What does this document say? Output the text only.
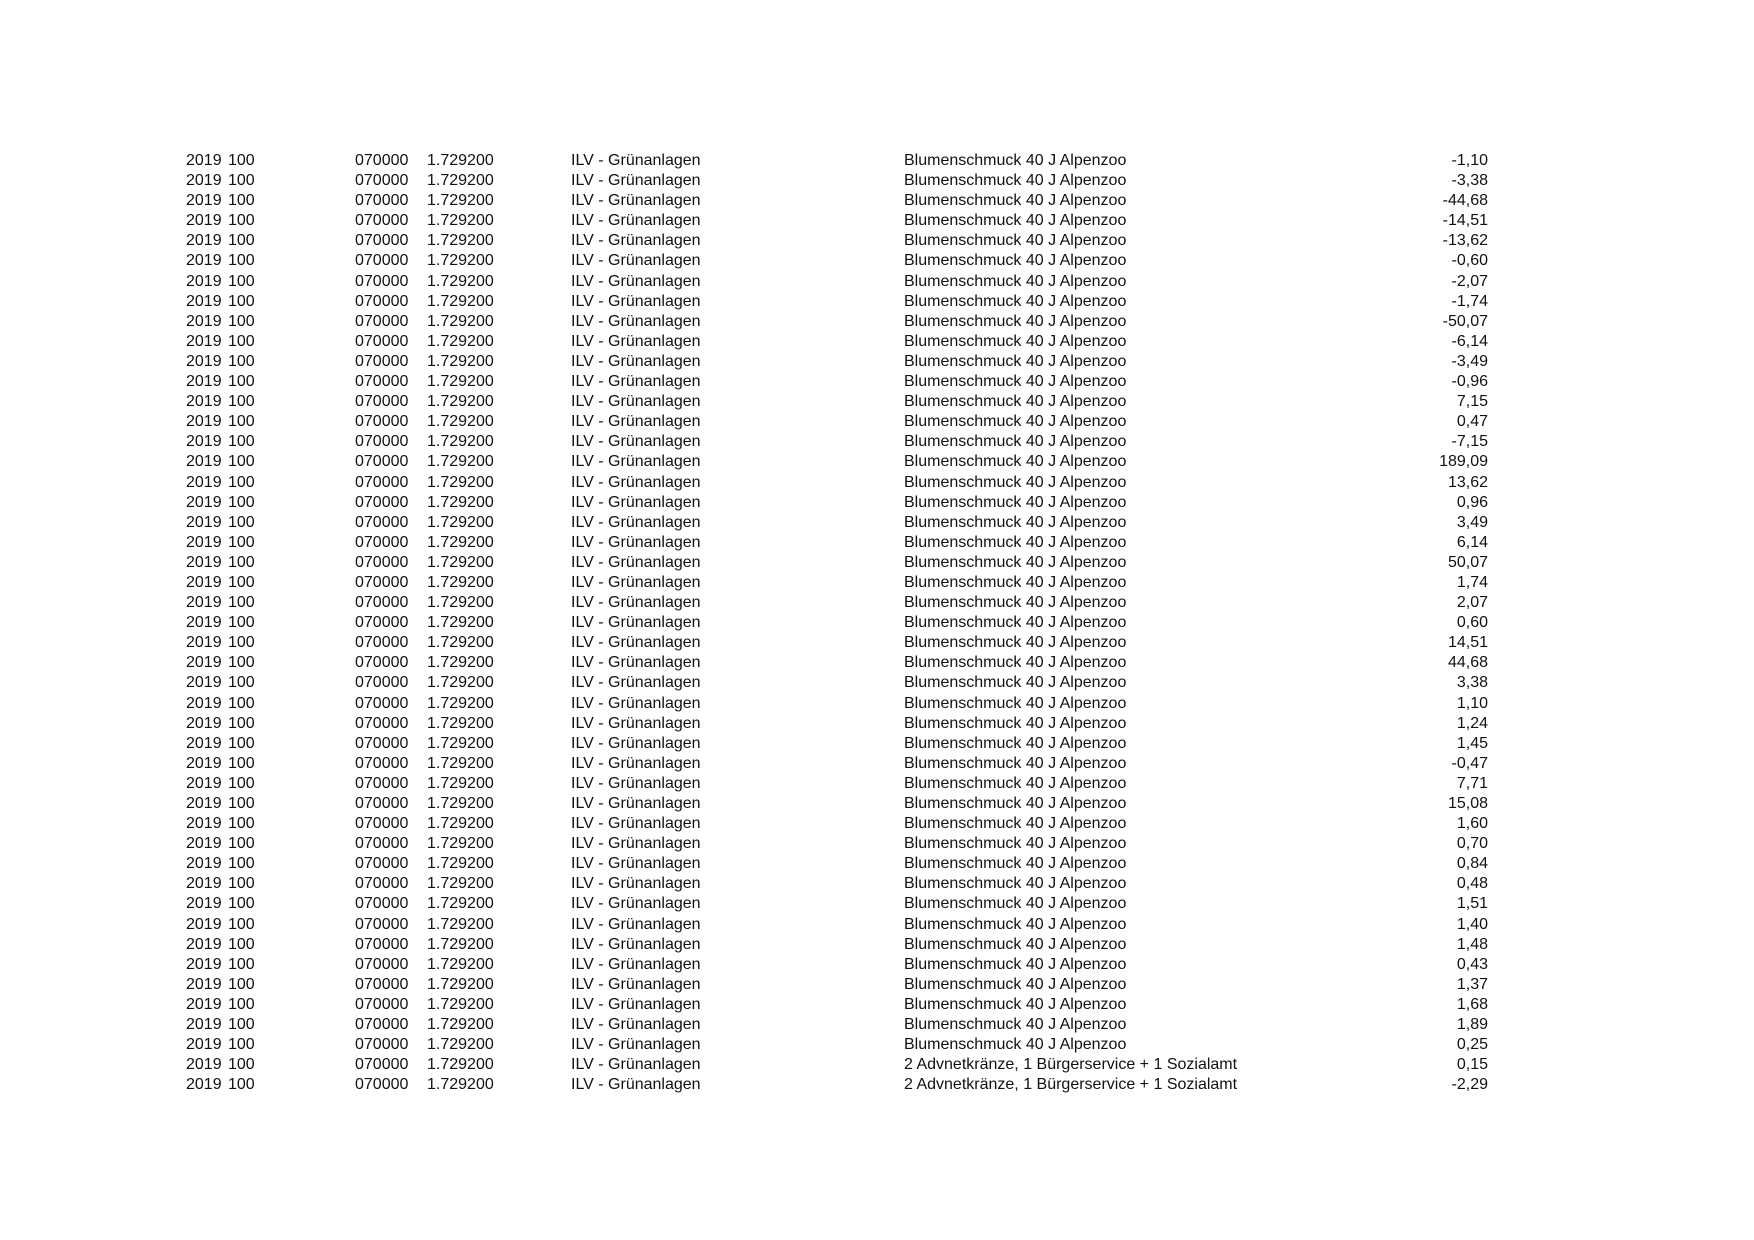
2019 100	070000 1.729200	ILV - Grünanlagen	Blumenschmuck 40 J Alpenzoo	-1,10
2019 100	070000 1.729200	ILV - Grünanlagen	Blumenschmuck 40 J Alpenzoo	-3,38
2019 100	070000 1.729200	ILV - Grünanlagen	Blumenschmuck 40 J Alpenzoo	-44,68
2019 100	070000 1.729200	ILV - Grünanlagen	Blumenschmuck 40 J Alpenzoo	-14,51
2019 100	070000 1.729200	ILV - Grünanlagen	Blumenschmuck 40 J Alpenzoo	-13,62
2019 100	070000 1.729200	ILV - Grünanlagen	Blumenschmuck 40 J Alpenzoo	-0,60
2019 100	070000 1.729200	ILV - Grünanlagen	Blumenschmuck 40 J Alpenzoo	-2,07
2019 100	070000 1.729200	ILV - Grünanlagen	Blumenschmuck 40 J Alpenzoo	-1,74
2019 100	070000 1.729200	ILV - Grünanlagen	Blumenschmuck 40 J Alpenzoo	-50,07
2019 100	070000 1.729200	ILV - Grünanlagen	Blumenschmuck 40 J Alpenzoo	-6,14
2019 100	070000 1.729200	ILV - Grünanlagen	Blumenschmuck 40 J Alpenzoo	-3,49
2019 100	070000 1.729200	ILV - Grünanlagen	Blumenschmuck 40 J Alpenzoo	-0,96
2019 100	070000 1.729200	ILV - Grünanlagen	Blumenschmuck 40 J Alpenzoo	7,15
2019 100	070000 1.729200	ILV - Grünanlagen	Blumenschmuck 40 J Alpenzoo	0,47
2019 100	070000 1.729200	ILV - Grünanlagen	Blumenschmuck 40 J Alpenzoo	-7,15
2019 100	070000 1.729200	ILV - Grünanlagen	Blumenschmuck 40 J Alpenzoo	189,09
2019 100	070000 1.729200	ILV - Grünanlagen	Blumenschmuck 40 J Alpenzoo	13,62
2019 100	070000 1.729200	ILV - Grünanlagen	Blumenschmuck 40 J Alpenzoo	0,96
2019 100	070000 1.729200	ILV - Grünanlagen	Blumenschmuck 40 J Alpenzoo	3,49
2019 100	070000 1.729200	ILV - Grünanlagen	Blumenschmuck 40 J Alpenzoo	6,14
2019 100	070000 1.729200	ILV - Grünanlagen	Blumenschmuck 40 J Alpenzoo	50,07
2019 100	070000 1.729200	ILV - Grünanlagen	Blumenschmuck 40 J Alpenzoo	1,74
2019 100	070000 1.729200	ILV - Grünanlagen	Blumenschmuck 40 J Alpenzoo	2,07
2019 100	070000 1.729200	ILV - Grünanlagen	Blumenschmuck 40 J Alpenzoo	0,60
2019 100	070000 1.729200	ILV - Grünanlagen	Blumenschmuck 40 J Alpenzoo	14,51
2019 100	070000 1.729200	ILV - Grünanlagen	Blumenschmuck 40 J Alpenzoo	44,68
2019 100	070000 1.729200	ILV - Grünanlagen	Blumenschmuck 40 J Alpenzoo	3,38
2019 100	070000 1.729200	ILV - Grünanlagen	Blumenschmuck 40 J Alpenzoo	1,10
2019 100	070000 1.729200	ILV - Grünanlagen	Blumenschmuck 40 J Alpenzoo	1,24
2019 100	070000 1.729200	ILV - Grünanlagen	Blumenschmuck 40 J Alpenzoo	1,45
2019 100	070000 1.729200	ILV - Grünanlagen	Blumenschmuck 40 J Alpenzoo	-0,47
2019 100	070000 1.729200	ILV - Grünanlagen	Blumenschmuck 40 J Alpenzoo	7,71
2019 100	070000 1.729200	ILV - Grünanlagen	Blumenschmuck 40 J Alpenzoo	15,08
2019 100	070000 1.729200	ILV - Grünanlagen	Blumenschmuck 40 J Alpenzoo	1,60
2019 100	070000 1.729200	ILV - Grünanlagen	Blumenschmuck 40 J Alpenzoo	0,70
2019 100	070000 1.729200	ILV - Grünanlagen	Blumenschmuck 40 J Alpenzoo	0,84
2019 100	070000 1.729200	ILV - Grünanlagen	Blumenschmuck 40 J Alpenzoo	0,48
2019 100	070000 1.729200	ILV - Grünanlagen	Blumenschmuck 40 J Alpenzoo	1,51
2019 100	070000 1.729200	ILV - Grünanlagen	Blumenschmuck 40 J Alpenzoo	1,40
2019 100	070000 1.729200	ILV - Grünanlagen	Blumenschmuck 40 J Alpenzoo	1,48
2019 100	070000 1.729200	ILV - Grünanlagen	Blumenschmuck 40 J Alpenzoo	0,43
2019 100	070000 1.729200	ILV - Grünanlagen	Blumenschmuck 40 J Alpenzoo	1,37
2019 100	070000 1.729200	ILV - Grünanlagen	Blumenschmuck 40 J Alpenzoo	1,68
2019 100	070000 1.729200	ILV - Grünanlagen	Blumenschmuck 40 J Alpenzoo	1,89
2019 100	070000 1.729200	ILV - Grünanlagen	Blumenschmuck 40 J Alpenzoo	0,25
2019 100	070000 1.729200	ILV - Grünanlagen	2 Advnetkränze, 1 Bürgerservice + 1 Sozialamt	0,15
2019 100	070000 1.729200	ILV - Grünanlagen	2 Advnetkränze, 1 Bürgerservice + 1 Sozialamt	-2,29
